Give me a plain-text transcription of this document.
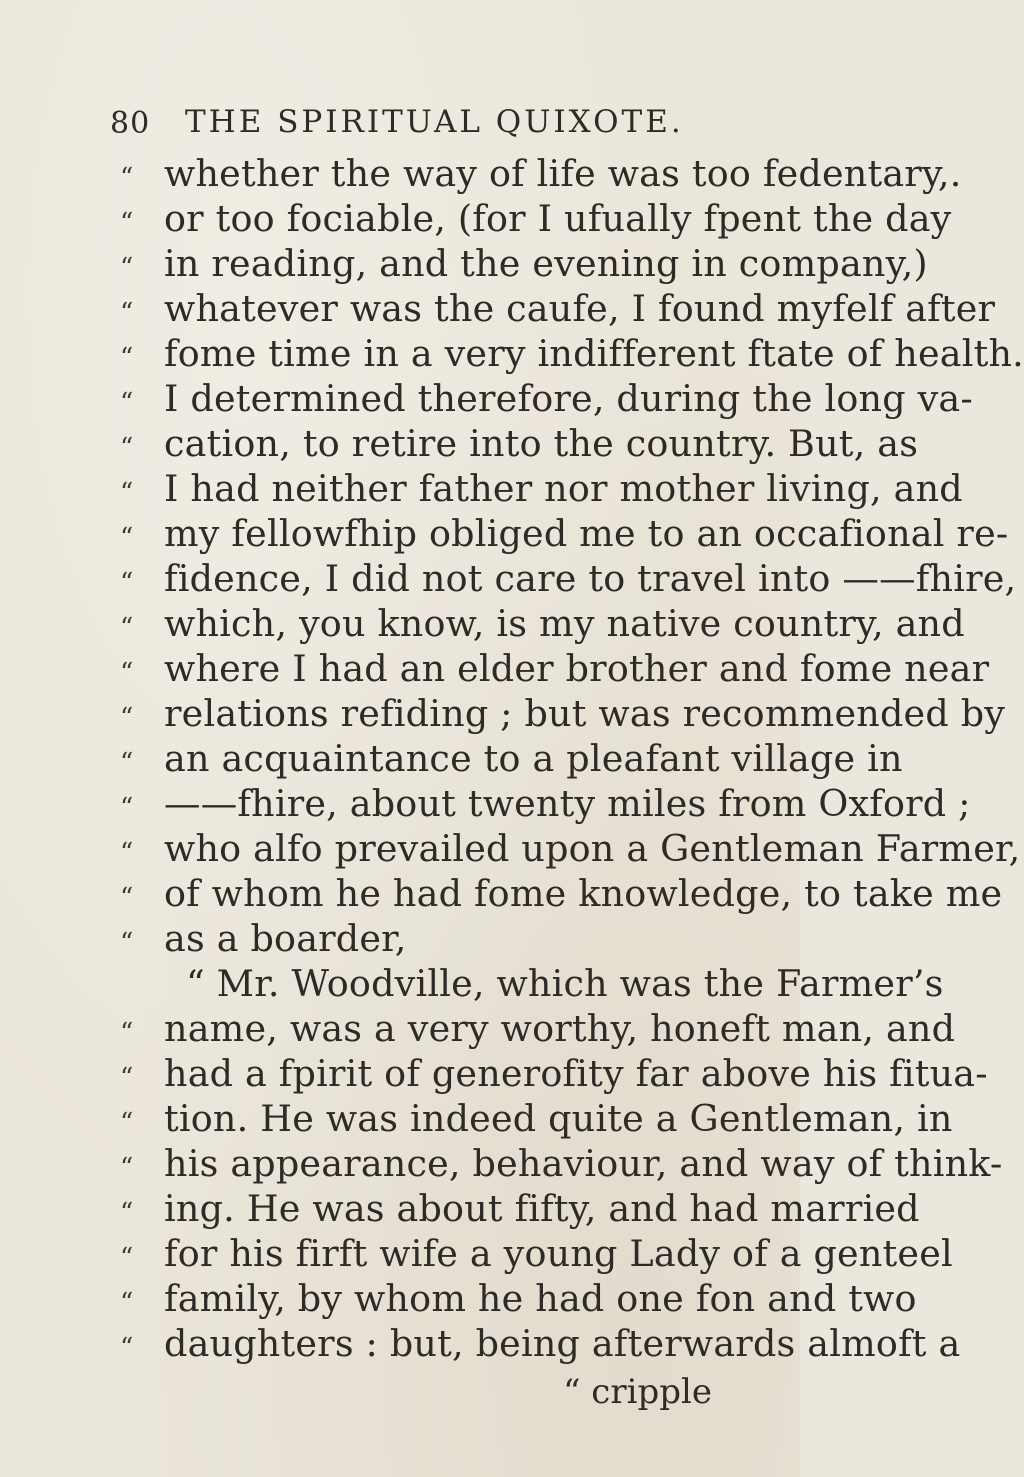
80 THE SPIRITUAL QUIXOTE.
“ whether the way of life was too fedentary,.
“ or too fociable, (for I ufually fpent the day
“ in reading, and the evening in company,)
“ whatever was the caufe, I found myfelf after
“ fome time in a very indifferent ftate of health.
“ I determined therefore, during the long va-
“ cation, to retire into the country. But, as
“ I had neither father nor mother living, and
“ my fellowfhip obliged me to an occafional re-
“ fidence, I did not care to travel into ——fhire,
“ which, you know, is my native country, and
“ where I had an elder brother and fome near
“ relations refiding ; but was recommended by
“ an acquaintance to a pleafant village in
“ ——fhire, about twenty miles from Oxford ;
“ who alfo prevailed upon a Gentleman Farmer,
“ of whom he had fome knowledge, to take me
“ as a boarder,
“ Mr. Woodville, which was the Farmer’s
“ name, was a very worthy, honeft man, and
“ had a fpirit of generofity far above his fitua-
“ tion. He was indeed quite a Gentleman, in
“ his appearance, behaviour, and way of think-
“ ing. He was about fifty, and had married
“ for his firft wife a young Lady of a genteel
“ family, by whom he had one fon and two
“ daughters : but, being afterwards almoft a
“ cripple
